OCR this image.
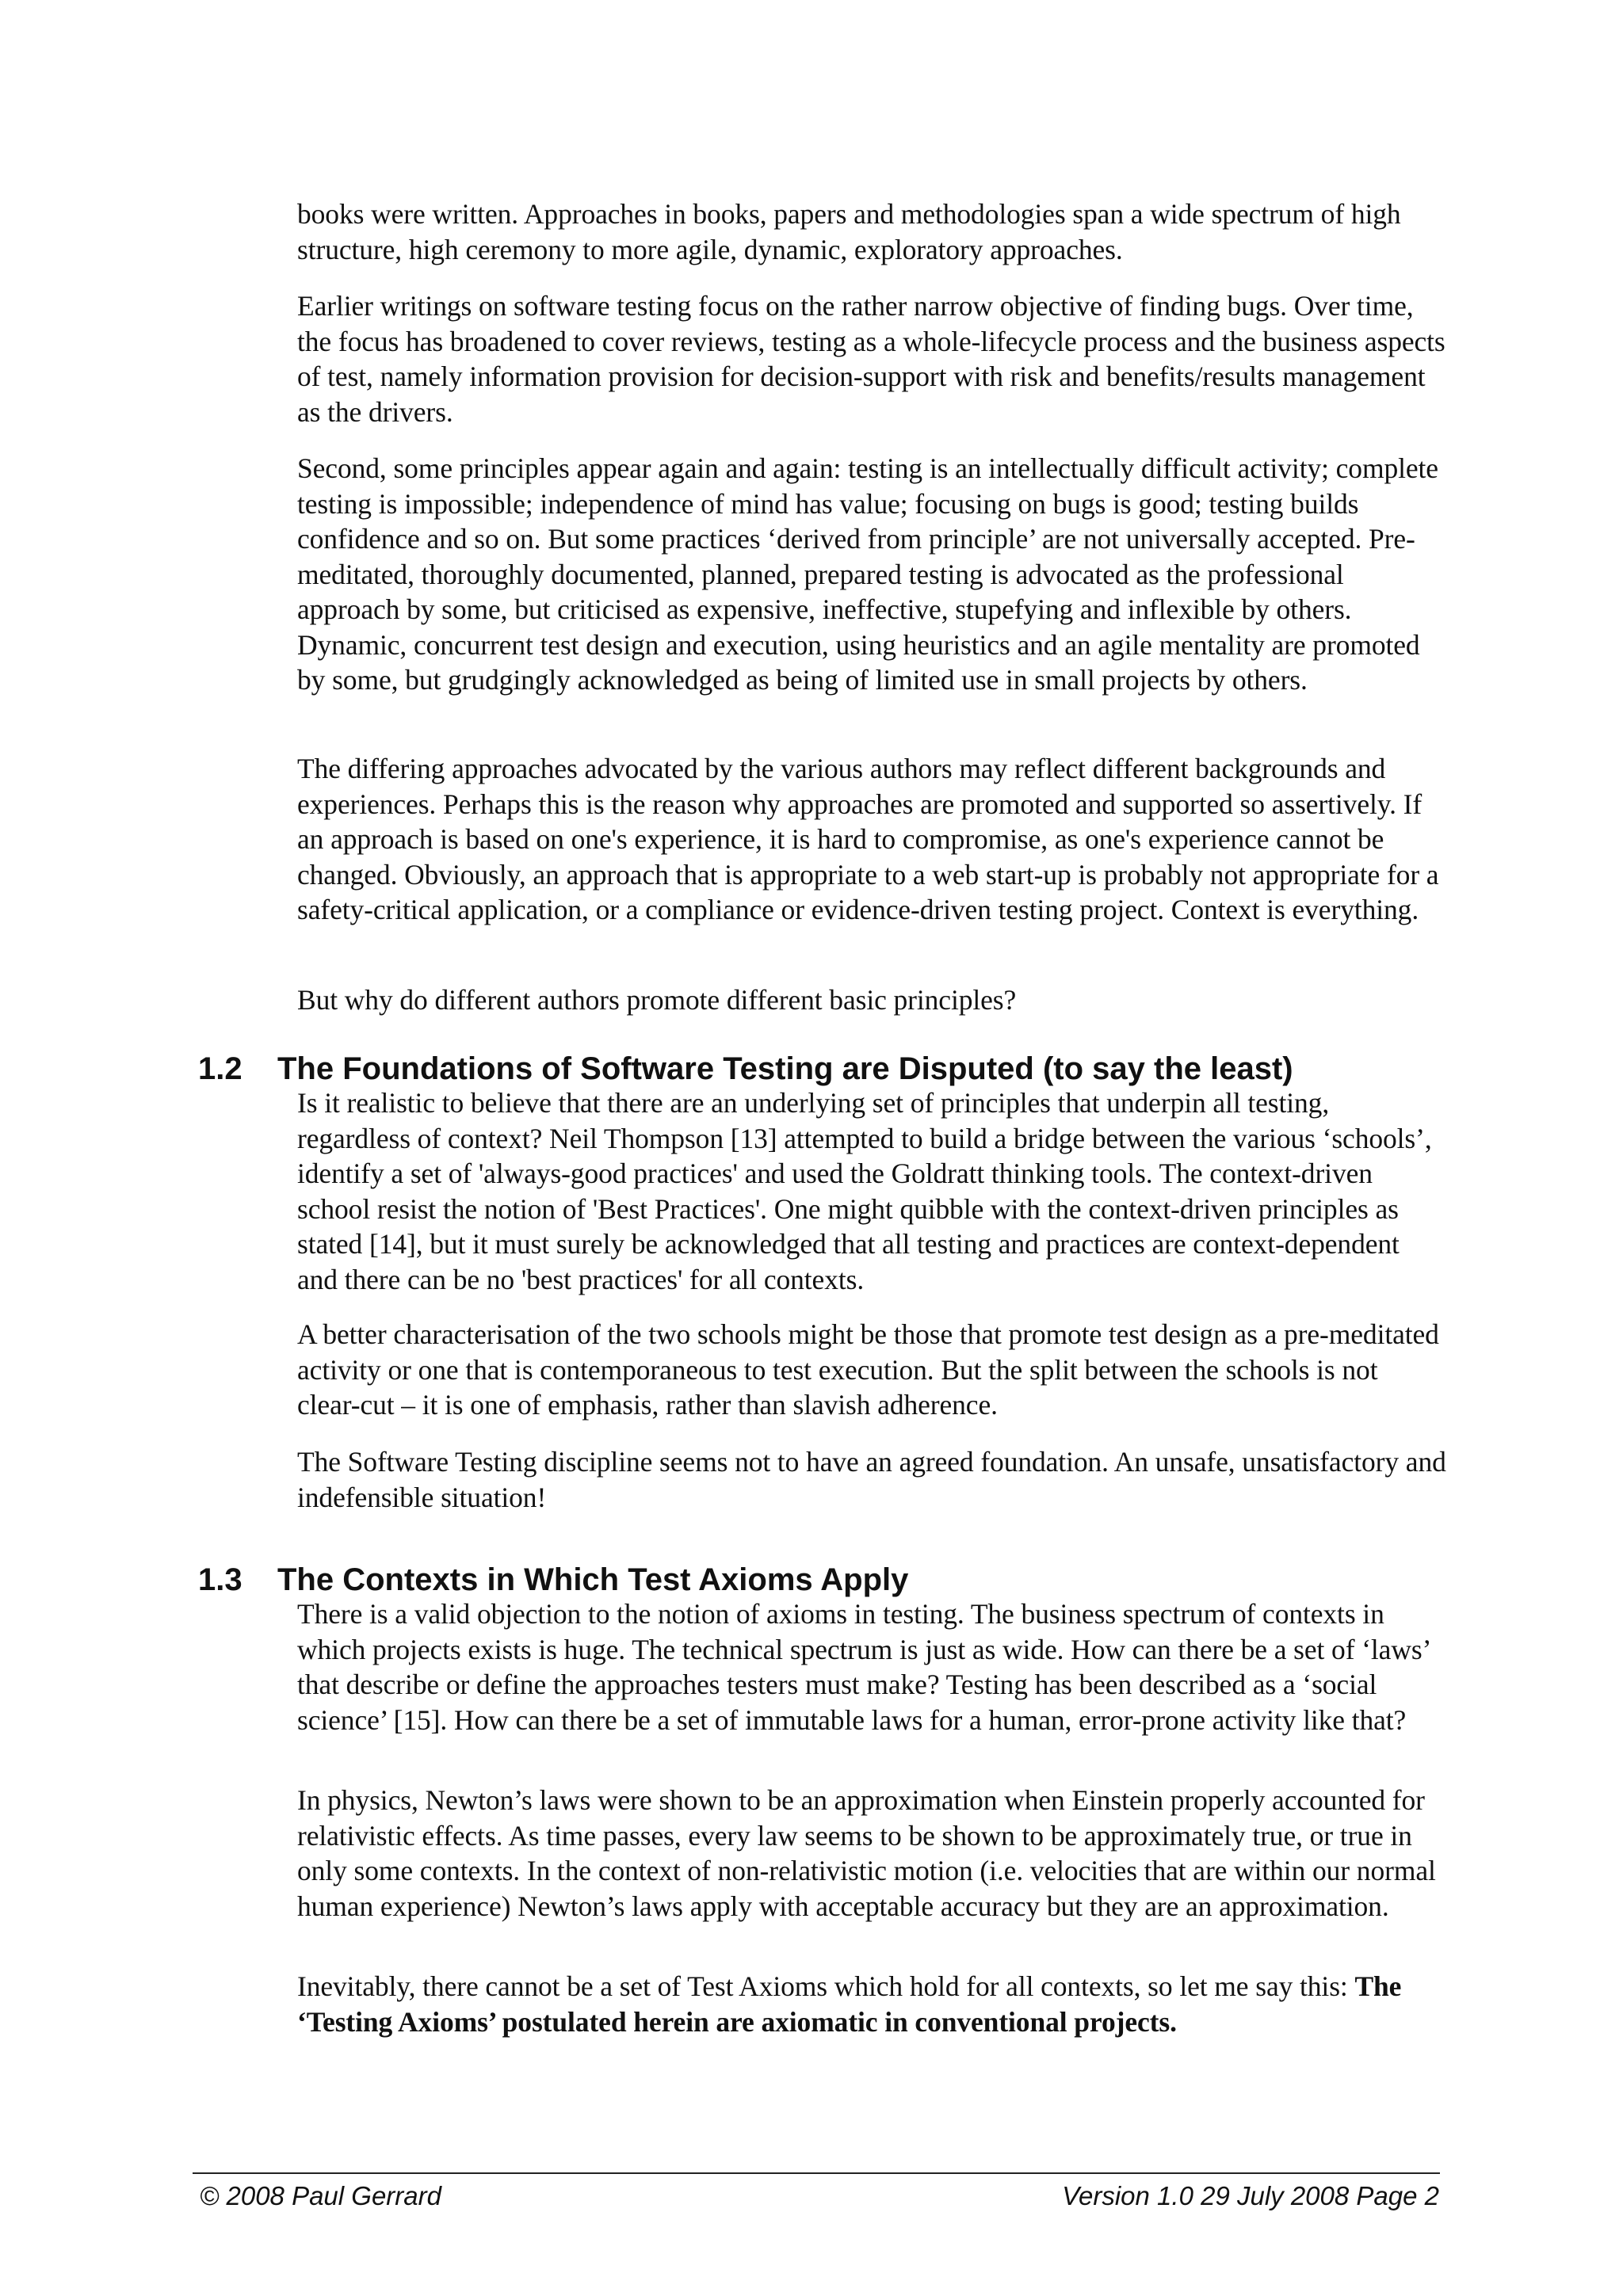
books were written. Approaches in books, papers and methodologies span a wide spectrum of high structure, high ceremony to more agile, dynamic, exploratory approaches.

Earlier writings on software testing focus on the rather narrow objective of finding bugs. Over time, the focus has broadened to cover reviews, testing as a whole-lifecycle process and the business aspects of test, namely information provision for decision-support with risk and benefits/results management as the drivers.

Second, some principles appear again and again: testing is an intellectually difficult activity; complete testing is impossible; independence of mind has value; focusing on bugs is good; testing builds confidence and so on. But some practices ‘derived from principle’ are not universally accepted. Pre-meditated, thoroughly documented, planned, prepared testing is advocated as the professional approach by some, but criticised as expensive, ineffective, stupefying and inflexible by others. Dynamic, concurrent test design and execution, using heuristics and an agile mentality are promoted by some, but grudgingly acknowledged as being of limited use in small projects by others.

The differing approaches advocated by the various authors may reflect different backgrounds and experiences. Perhaps this is the reason why approaches are promoted and supported so assertively. If an approach is based on one's experience, it is hard to compromise, as one's experience cannot be changed. Obviously, an approach that is appropriate to a web start-up is probably not appropriate for a safety-critical application, or a compliance or evidence-driven testing project. Context is everything.

But why do different authors promote different basic principles?

1.2 The Foundations of Software Testing are Disputed (to say the least)

Is it realistic to believe that there are an underlying set of principles that underpin all testing, regardless of context? Neil Thompson [13] attempted to build a bridge between the various ‘schools’, identify a set of 'always-good practices' and used the Goldratt thinking tools. The context-driven school resist the notion of 'Best Practices'. One might quibble with the context-driven principles as stated [14], but it must surely be acknowledged that all testing and practices are context-dependent and there can be no 'best practices' for all contexts.

A better characterisation of the two schools might be those that promote test design as a pre-meditated activity or one that is contemporaneous to test execution. But the split between the schools is not clear-cut – it is one of emphasis, rather than slavish adherence.

The Software Testing discipline seems not to have an agreed foundation. An unsafe, unsatisfactory and indefensible situation!

1.3 The Contexts in Which Test Axioms Apply

There is a valid objection to the notion of axioms in testing. The business spectrum of contexts in which projects exists is huge. The technical spectrum is just as wide. How can there be a set of ‘laws’ that describe or define the approaches testers must make? Testing has been described as a ‘social science’ [15]. How can there be a set of immutable laws for a human, error-prone activity like that?

In physics, Newton’s laws were shown to be an approximation when Einstein properly accounted for relativistic effects. As time passes, every law seems to be shown to be approximately true, or true in only some contexts. In the context of non-relativistic motion (i.e. velocities that are within our normal human experience) Newton’s laws apply with acceptable accuracy but they are an approximation.

Inevitably, there cannot be a set of Test Axioms which hold for all contexts, so let me say this: The ‘Testing Axioms’ postulated herein are axiomatic in conventional projects.

© 2008 Paul Gerrard	Version 1.0 29 July 2008 Page 2
